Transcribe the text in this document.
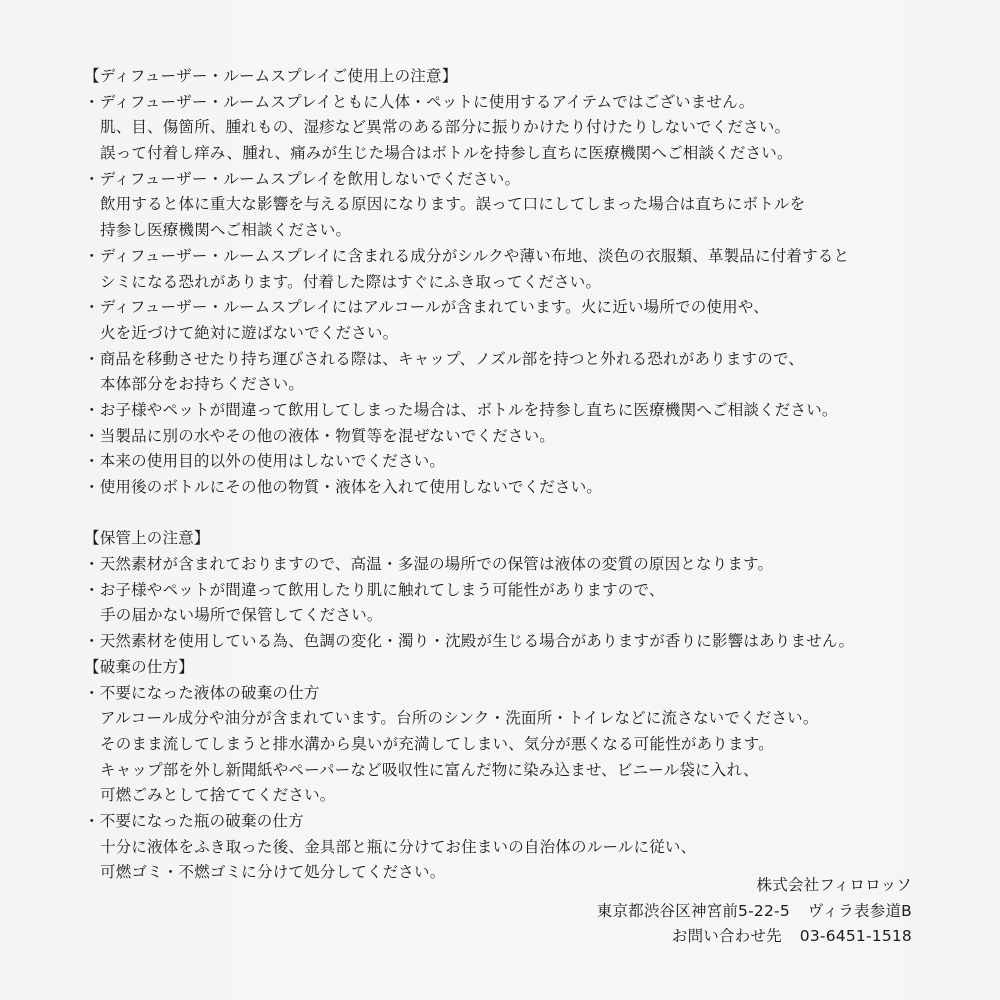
【ディフューザー・ルームスプレイご使用上の注意】
・ディフューザー・ルームスプレイともに人体・ペットに使用するアイテムではございません。
肌、目、傷箇所、腫れもの、湿疹など異常のある部分に振りかけたり付けたりしないでください。
誤って付着し痒み、腫れ、痛みが生じた場合はボトルを持参し直ちに医療機関へご相談ください。
・ディフューザー・ルームスプレイを飲用しないでください。
飲用すると体に重大な影響を与える原因になります。誤って口にしてしまった場合は直ちにボトルを
持参し医療機関へご相談ください。
・ディフューザー・ルームスプレイに含まれる成分がシルクや薄い布地、淡色の衣服類、革製品に付着すると
シミになる恐れがあります。付着した際はすぐにふき取ってください。
・ディフューザー・ルームスプレイにはアルコールが含まれています。火に近い場所での使用や、
火を近づけて絶対に遊ばないでください。
・商品を移動させたり持ち運びされる際は、キャップ、ノズル部を持つと外れる恐れがありますので、
本体部分をお持ちください。
・お子様やペットが間違って飲用してしまった場合は、ボトルを持参し直ちに医療機関へご相談ください。
・当製品に別の水やその他の液体・物質等を混ぜないでください。
・本来の使用目的以外の使用はしないでください。
・使用後のボトルにその他の物質・液体を入れて使用しないでください。
【保管上の注意】
・天然素材が含まれておりますので、高温・多湿の場所での保管は液体の変質の原因となります。
・お子様やペットが間違って飲用したり肌に触れてしまう可能性がありますので、
手の届かない場所で保管してください。
・天然素材を使用している為、色調の変化・濁り・沈殿が生じる場合がありますが香りに影響はありません。
【破棄の仕方】
・不要になった液体の破棄の仕方
アルコール成分や油分が含まれています。台所のシンク・洗面所・トイレなどに流さないでください。
そのまま流してしまうと排水溝から臭いが充満してしまい、気分が悪くなる可能性があります。
キャップ部を外し新聞紙やペーパーなど吸収性に富んだ物に染み込ませ、ビニール袋に入れ、
可燃ごみとして捨ててください。
・不要になった瓶の破棄の仕方
十分に液体をふき取った後、金具部と瓶に分けてお住まいの自治体のルールに従い、
可燃ゴミ・不燃ゴミに分けて処分してください。
株式会社フィロロッソ
東京都渋谷区神宮前5-22-5 ヴィラ表参道B
お問い合わせ先 03-6451-1518
